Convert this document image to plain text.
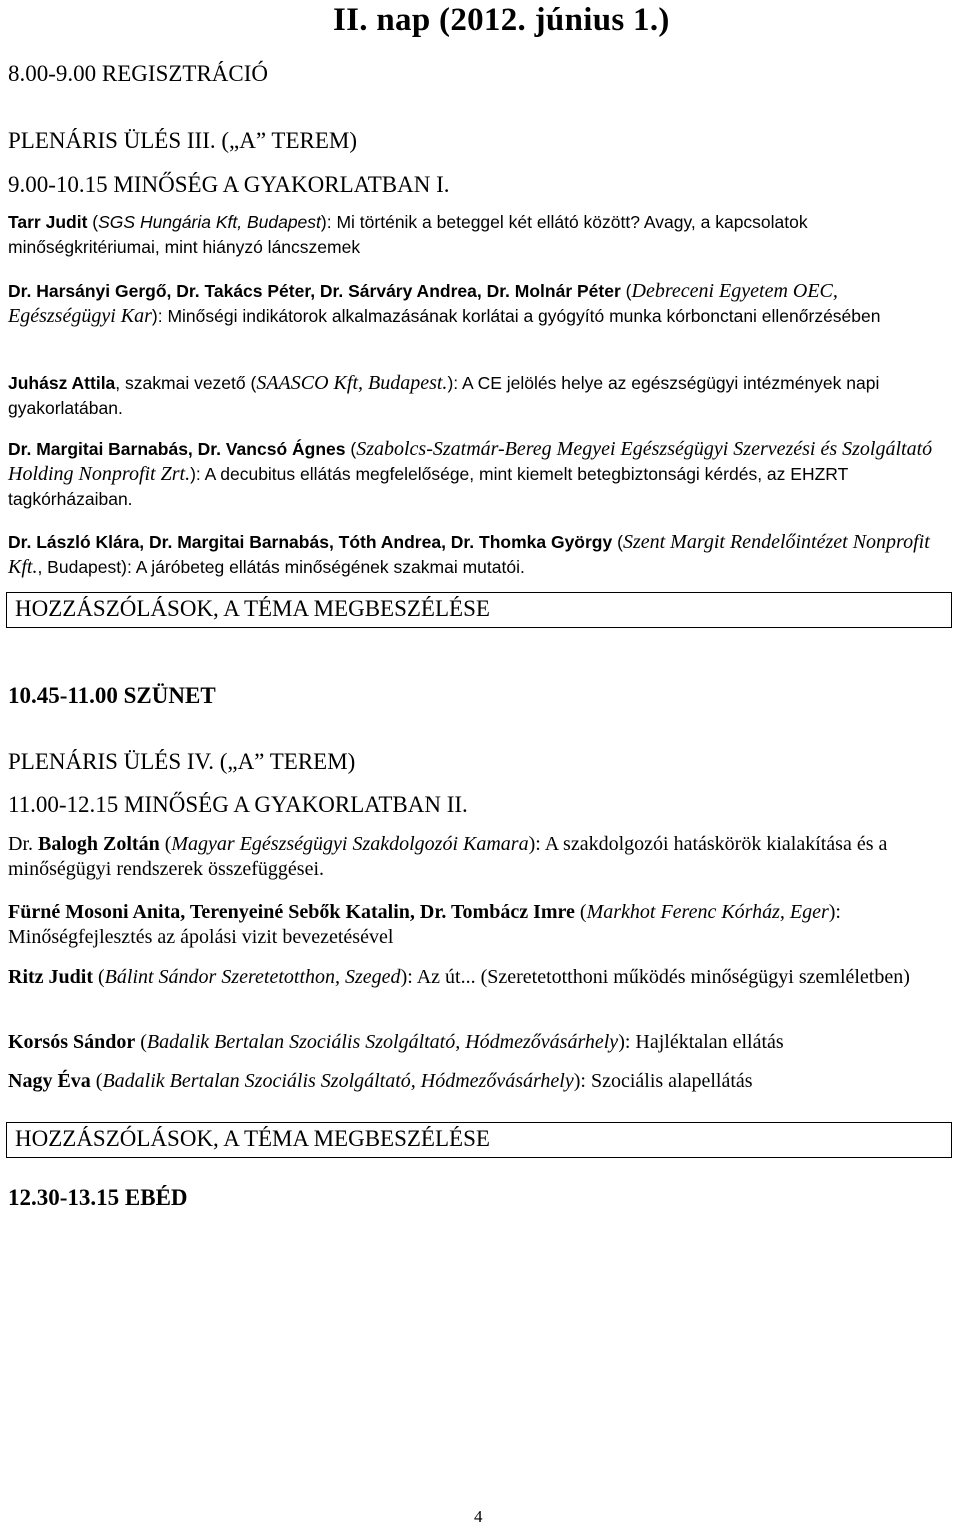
II. nap (2012. június 1.)
8.00-9.00 REGISZTRÁCIÓ
PLENÁRIS ÜLÉS III. („A” TEREM)
9.00-10.15 MINŐSÉG A GYAKORLATBAN I.
Tarr Judit (SGS Hungária Kft, Budapest): Mi történik a beteggel két ellátó között? Avagy, a kapcsolatok minőségkritériumai, mint hiányzó láncszemek
Dr. Harsányi Gergő, Dr. Takács Péter, Dr. Sárváry Andrea, Dr. Molnár Péter (Debreceni Egyetem OEC, Egészségügyi Kar): Minőségi indikátorok alkalmazásának korlátai a gyógyító munka kórbonctani ellenőrzésében
Juhász Attila, szakmai vezető (SAASCO Kft, Budapest.): A CE jelölés helye az egészségügyi intézmények napi gyakorlatában.
Dr. Margitai Barnabás, Dr. Vancsó Ágnes (Szabolcs-Szatmár-Bereg Megyei Egészségügyi Szervezési és Szolgáltató Holding Nonprofit Zrt.): A decubitus ellátás megfelelősége, mint kiemelt betegbiztonsági kérdés, az EHZRT tagkórházaiban.
Dr. László Klára, Dr. Margitai Barnabás, Tóth Andrea, Dr. Thomka György (Szent Margit Rendelőintézet Nonprofit Kft., Budapest): A járóbeteg ellátás minőségének szakmai mutatói.
HOZZÁSZÓLÁSOK, A TÉMA MEGBESZÉLÉSE
10.45-11.00 SZÜNET
PLENÁRIS ÜLÉS IV. („A” TEREM)
11.00-12.15 MINŐSÉG A GYAKORLATBAN II.
Dr. Balogh Zoltán (Magyar Egészségügyi Szakdolgozói Kamara): A szakdolgozói hatáskörök kialakítása és a minőségügyi rendszerek összefüggései.
Fürné Mosoni Anita, Terenyeiné Sebők Katalin, Dr. Tombácz Imre (Markhot Ferenc Kórház, Eger): Minőségfejlesztés az ápolási vizit bevezetésével
Ritz Judit (Bálint Sándor Szeretetotthon, Szeged): Az út... (Szeretetotthoni működés minőségügyi szemléletben)
Korsós Sándor (Badalik Bertalan Szociális Szolgáltató, Hódmezővásárhely): Hajléktalan ellátás
Nagy Éva (Badalik Bertalan Szociális Szolgáltató, Hódmezővásárhely): Szociális alapellátás
HOZZÁSZÓLÁSOK, A TÉMA MEGBESZÉLÉSE
12.30-13.15 EBÉD
4
